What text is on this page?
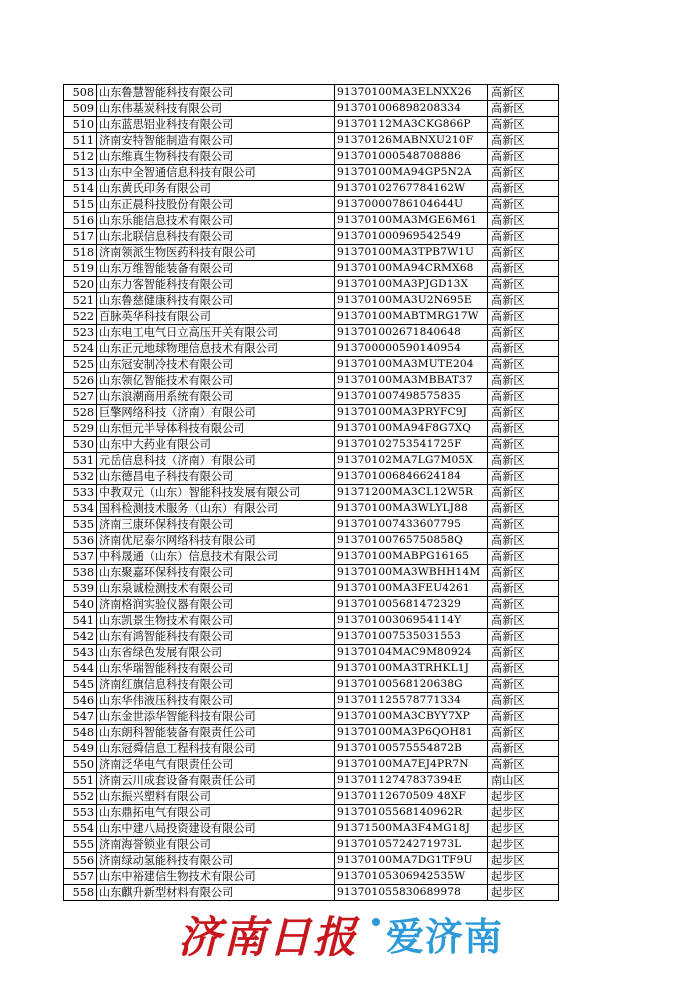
508	山东鲁慧智能科技有限公司	91370100MA3ELNXX26	高新区
509	山东伟基炭科技有限公司	913701006898208334	高新区
510	山东蓝思铝业科技有限公司	91370112MA3CKG866P	高新区
511	济南安特智能制造有限公司	91370126MABNXU210F	高新区
512	山东维真生物科技有限公司	913701000548708886	高新区
513	山东中全智通信息科技有限公司	91370100MA94GP5N2A	高新区
514	山东黄氏印务有限公司	91370102767784162W	高新区
515	山东正晨科技股份有限公司	91370000786104644U	高新区
516	山东乐能信息技术有限公司	91370100MA3MGE6M61	高新区
517	山东北联信息科技有限公司	913701000969542549	高新区
518	济南领派生物医药科技有限公司	91370100MA3TPB7W1U	高新区
519	山东万维智能装备有限公司	91370100MA94CRMX68	高新区
520	山东力客智能科技有限公司	91370100MA3PJGD13X	高新区
521	山东鲁慈健康科技有限公司	91370100MA3U2N695E	高新区
522	百脉英华科技有限公司	91370100MABTMRG17W	高新区
523	山东电工电气日立高压开关有限公司	913701002671840648	高新区
524	山东正元地球物理信息技术有限公司	913700000590140954	高新区
525	山东冠安制冷技术有限公司	91370100MA3MUTE204	高新区
526	山东领亿智能技术有限公司	91370100MA3MBBAT37	高新区
527	山东浪潮商用系统有限公司	913701007498575835	高新区
528	巨擎网络科技（济南）有限公司	91370100MA3PRYFC9J	高新区
529	山东恒元半导体科技有限公司	91370100MA94F8G7XQ	高新区
530	山东中大药业有限公司	91370102753541725F	高新区
531	元岳信息科技（济南）有限公司	91370102MA7LG7M05X	高新区
532	山东德昌电子科技有限公司	913701006846624184	高新区
533	中教双元（山东）智能科技发展有限公司	91371200MA3CL12W5R	高新区
534	国科检测技术服务（山东）有限公司	91370100MA3WLYLJ88	高新区
535	济南三康环保科技有限公司	913701007433607795	高新区
536	济南优尼泰尔网络科技有限公司	91370100765750858Q	高新区
537	中科晟通（山东）信息技术有限公司	91370100MABPG16165	高新区
538	山东聚嘉环保科技有限公司	91370100MA3WBHH14M	高新区
539	山东泉诚检测技术有限公司	91370100MA3FEU4261	高新区
540	济南格润实验仪器有限公司	913701005681472329	高新区
541	山东凯景生物技术有限公司	91370100306954114Y	高新区
542	山东有鸿智能科技有限公司	913701007535031553	高新区
543	山东省绿色发展有限公司	91370104MAC9M80924	高新区
544	山东华瑞智能科技有限公司	91370100MA3TRHKL1J	高新区
545	济南红旗信息科技有限公司	91370100568120638G	高新区
546	山东华伟液压科技有限公司	913701125578771334	高新区
547	山东金世添华智能科技有限公司	91370100MA3CBYY7XP	高新区
548	山东朗科智能装备有限责任公司	91370100MA3P6QOH81	高新区
549	山东冠舜信息工程科技有限公司	91370100575554872B	高新区
550	济南泛华电气有限责任公司	91370100MA7EJ4PR7N	高新区
551	济南云川成套设备有限责任公司	91370112747837394E	南山区
552	山东振兴塑料有限公司	91370112670509 48XF	起步区
553	山东鼎拓电气有限公司	91370105568140962R	起步区
554	山东中建八局投资建设有限公司	91371500MA3F4MG18J	起步区
555	济南海誉锁业有限公司	91370105724271973L	起步区
556	济南绿动氢能科技有限公司	91370100MA7DG1TF9U	起步区
557	山东中裕建信生物技术有限公司	91370105306942535W	起步区
558	山东麒升新型材料有限公司	913701055830689978	起步区
济南日报 爱济南
